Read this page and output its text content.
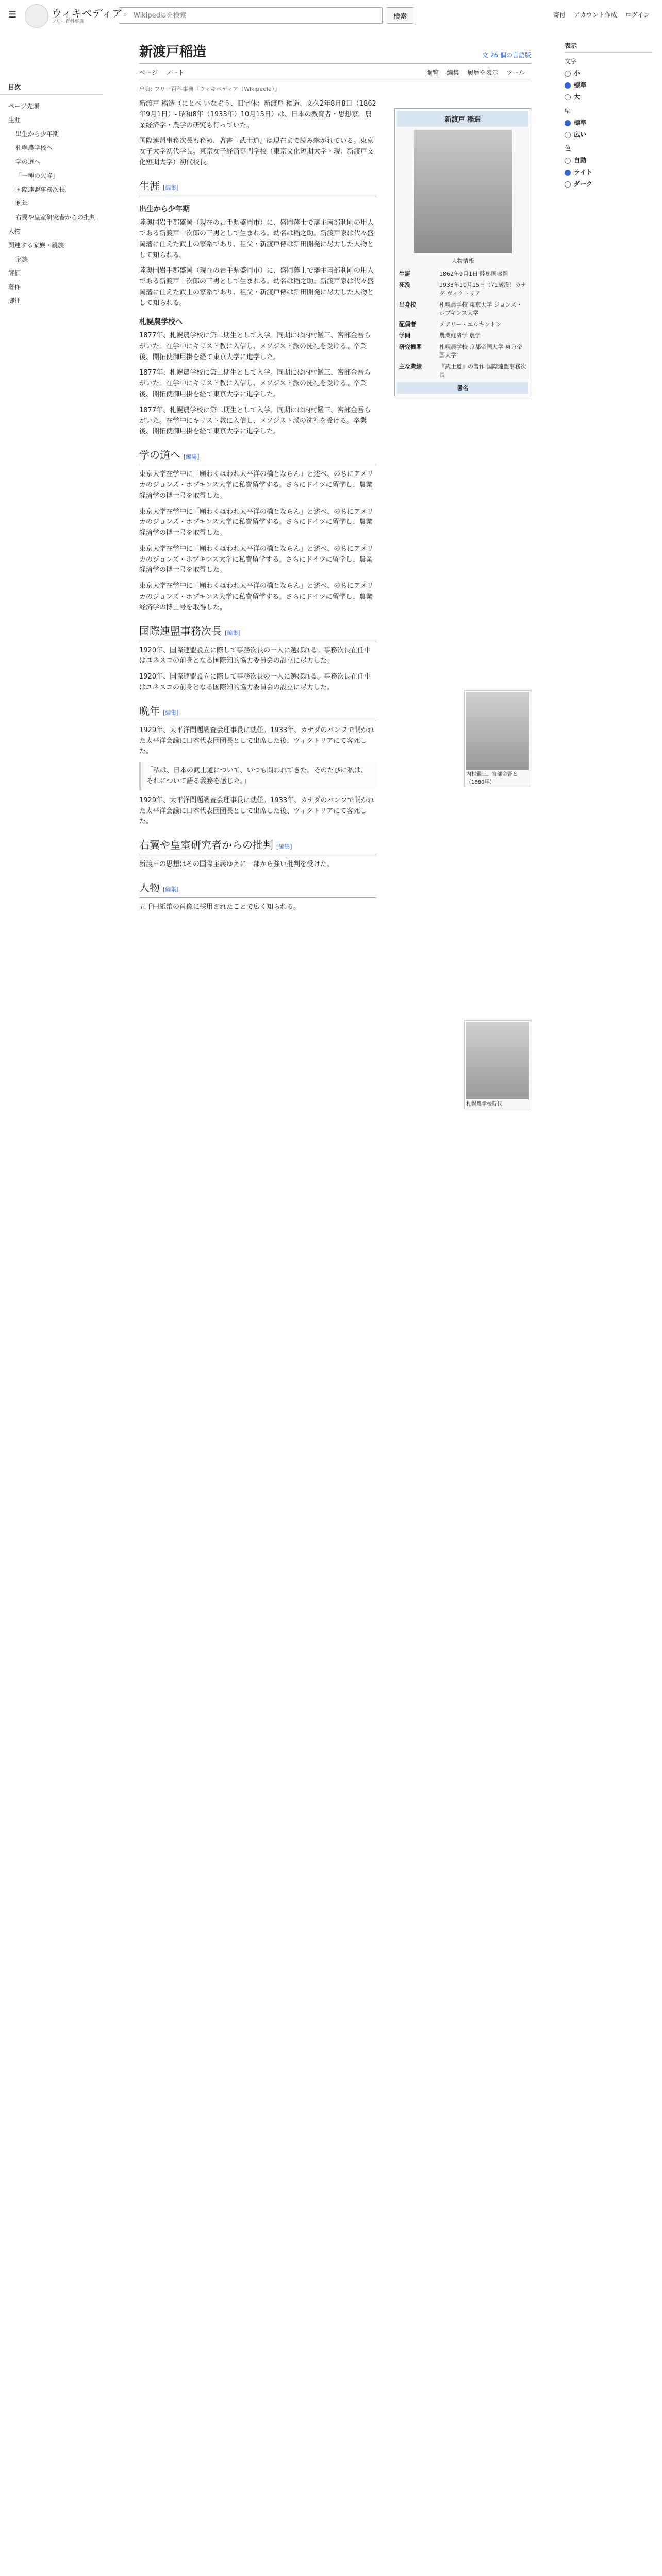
☰	ウィキペディア
フリー百科事典
⌕
Wikipediaを検索	検索	寄付 アカウント作成 ログイン
目次
ページ先頭
生涯
出生から少年期
札幌農学校へ
学の道へ
「一種の欠陥」
国際連盟事務次長
晩年
右翼や皇室研究者からの批判
人物
関連する家族・親族
家族
評価
著作
脚注
新渡戸稲造	文 26 個の言語版
ページ ノート	閲覧 編集 履歴を表示 ツール
出典: フリー百科事典『ウィキペディア（Wikipedia）』

新渡戸 稲造（にとべ いなぞう、旧字体：新渡戶 稻造、文久2年8月8日（1862年9月1日）- 昭和8年（1933年）10月15日）は、日本の教育者・思想家。農業経済学・農学の研究も行っていた。

国際連盟事務次長も務め、著書『武士道』は現在まで読み継がれている。東京女子大学初代学長。東京女子経済専門学校（東京文化短期大学・現：新渡戸文化短期大学）初代校長。

生涯 [編集]
出生から少年期

陸奥国岩手郡盛岡（現在の岩手県盛岡市）に、盛岡藩士で藩主南部利剛の用人である新渡戸十次郎の三男として生まれる。幼名は稲之助。新渡戸家は代々盛岡藩に仕えた武士の家系であり、祖父・新渡戸傳は新田開発に尽力した人物として知られる。

陸奥国岩手郡盛岡（現在の岩手県盛岡市）に、盛岡藩士で藩主南部利剛の用人である新渡戸十次郎の三男として生まれる。幼名は稲之助。新渡戸家は代々盛岡藩に仕えた武士の家系であり、祖父・新渡戸傳は新田開発に尽力した人物として知られる。

札幌農学校へ

1877年、札幌農学校に第二期生として入学。同期には内村鑑三、宮部金吾らがいた。在学中にキリスト教に入信し、メソジスト派の洗礼を受ける。卒業後、開拓使御用掛を経て東京大学に進学した。

1877年、札幌農学校に第二期生として入学。同期には内村鑑三、宮部金吾らがいた。在学中にキリスト教に入信し、メソジスト派の洗礼を受ける。卒業後、開拓使御用掛を経て東京大学に進学した。

1877年、札幌農学校に第二期生として入学。同期には内村鑑三、宮部金吾らがいた。在学中にキリスト教に入信し、メソジスト派の洗礼を受ける。卒業後、開拓使御用掛を経て東京大学に進学した。

学の道へ [編集]

東京大学在学中に「願わくはわれ太平洋の橋とならん」と述べ、のちにアメリカのジョンズ・ホプキンス大学に私費留学する。さらにドイツに留学し、農業経済学の博士号を取得した。

東京大学在学中に「願わくはわれ太平洋の橋とならん」と述べ、のちにアメリカのジョンズ・ホプキンス大学に私費留学する。さらにドイツに留学し、農業経済学の博士号を取得した。

東京大学在学中に「願わくはわれ太平洋の橋とならん」と述べ、のちにアメリカのジョンズ・ホプキンス大学に私費留学する。さらにドイツに留学し、農業経済学の博士号を取得した。

東京大学在学中に「願わくはわれ太平洋の橋とならん」と述べ、のちにアメリカのジョンズ・ホプキンス大学に私費留学する。さらにドイツに留学し、農業経済学の博士号を取得した。

国際連盟事務次長 [編集]

1920年、国際連盟設立に際して事務次長の一人に選ばれる。事務次長在任中はユネスコの前身となる国際知的協力委員会の設立に尽力した。

1920年、国際連盟設立に際して事務次長の一人に選ばれる。事務次長在任中はユネスコの前身となる国際知的協力委員会の設立に尽力した。

晩年 [編集]

1929年、太平洋問題調査会理事長に就任。1933年、カナダのバンフで開かれた太平洋会議に日本代表団団長として出席した後、ヴィクトリアにて客死した。

「私は、日本の武士道について、いつも問われてきた。そのたびに私は、それについて語る義務を感じた。」

1929年、太平洋問題調査会理事長に就任。1933年、カナダのバンフで開かれた太平洋会議に日本代表団団長として出席した後、ヴィクトリアにて客死した。

右翼や皇室研究者からの批判 [編集]

新渡戸の思想はその国際主義ゆえに一部から強い批判を受けた。

人物 [編集]

五千円紙幣の肖像に採用されたことで広く知られる。

新渡戸 稲造
人物情報
生誕	1862年9月1日 陸奥国盛岡
死没	1933年10月15日（71歳没）カナダ ヴィクトリア
出身校	札幌農学校 東京大学 ジョンズ・ホプキンス大学
配偶者	メアリー・エルキントン
学問	農業経済学 農学
研究機関	札幌農学校 京都帝国大学 東京帝国大学
主な業績	『武士道』の著作 国際連盟事務次長
署名
内村鑑三、宮部金吾と（1880年）
札幌農学校時代
表示
文字
小
標準
大
幅
標準
広い
色
自動
ライト
ダーク
